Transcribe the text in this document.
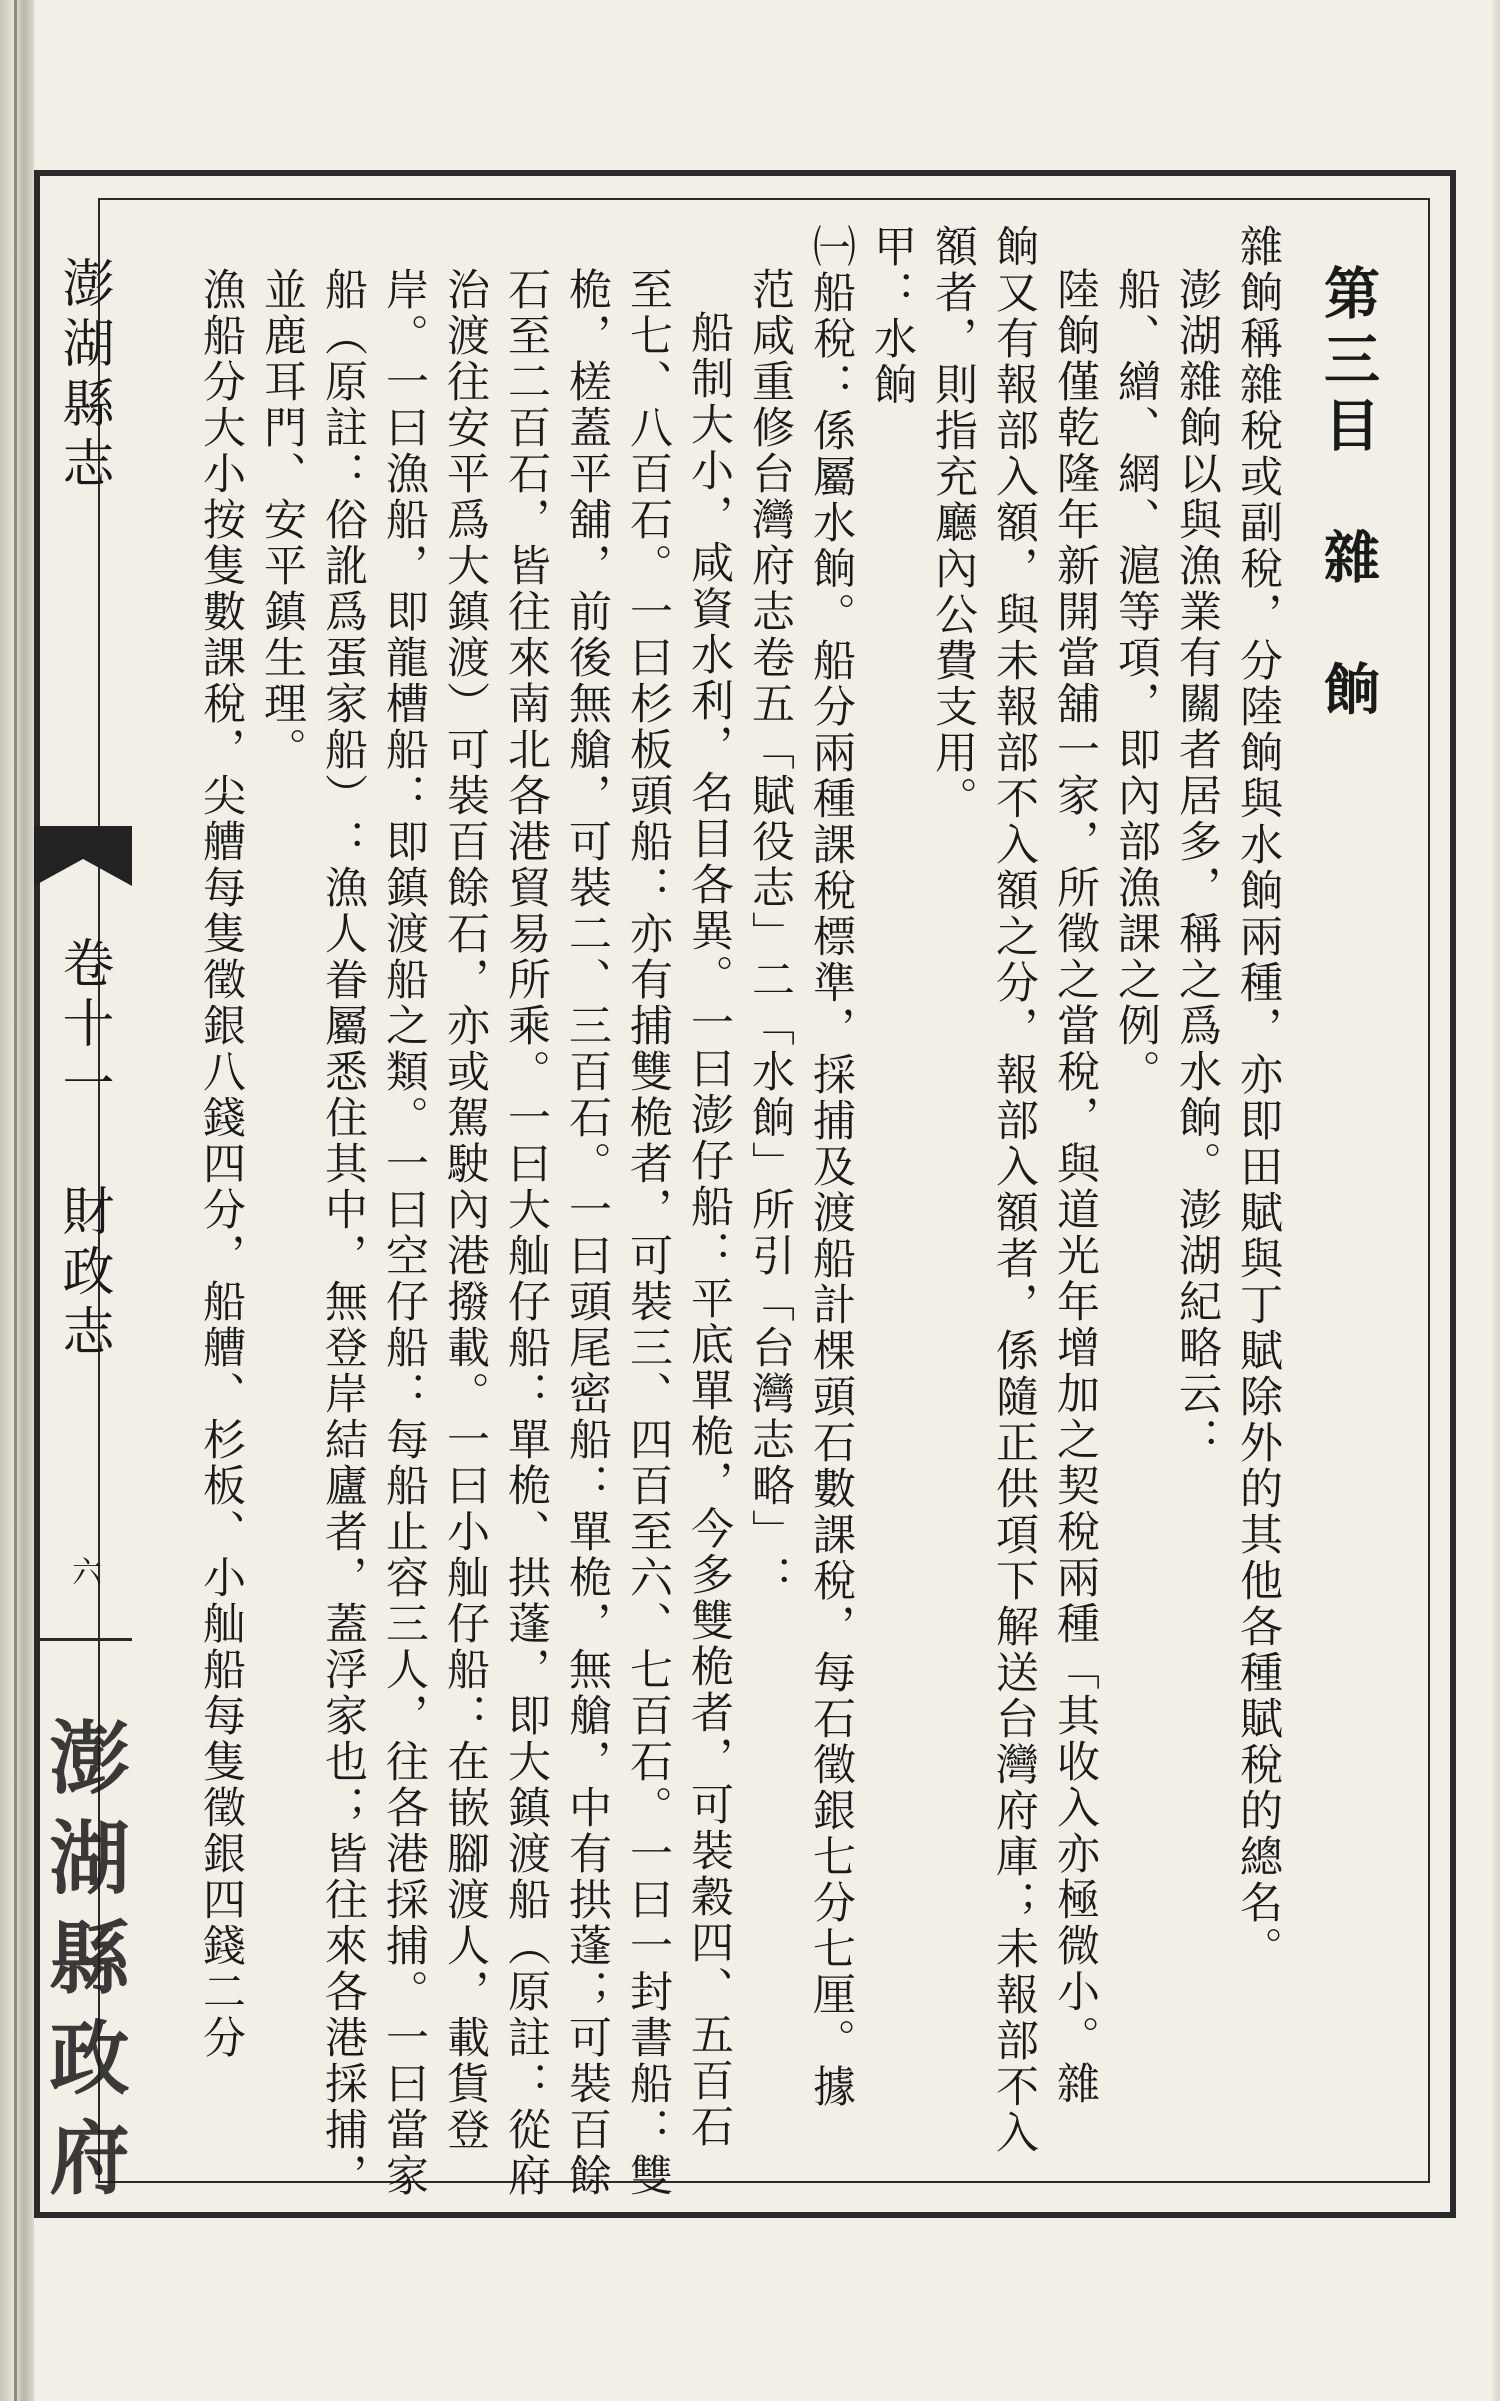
澎湖縣志
卷十一 財政志
六
澎湖縣政府
第三目　雜　餉
雜餉稱雜稅或副稅，分陸餉與水餉兩種，亦即田賦與丁賦除外的其他各種賦稅的總名。
澎湖雜餉以與漁業有關者居多，稱之爲水餉。澎湖紀略云：
船、繒、網、滬等項，即內部漁課之例。
陸餉僅乾隆年新開當舖一家，所徵之當稅，與道光年增加之契稅兩種「其收入亦極微小。雜
餉又有報部入額，與未報部不入額之分，報部入額者，係隨正供項下解送台灣府庫；未報部不入
額者，則指充廳內公費支用。
甲：水餉
㈠船稅：係屬水餉。船分兩種課稅標準，採捕及渡船計棵頭石數課稅，每石徵銀七分七厘。據
范咸重修台灣府志卷五「賦役志」二「水餉」所引「台灣志略」：
船制大小，咸資水利，名目各異。一曰澎仔船：平底單桅，今多雙桅者，可裝穀四、五百石
至七、八百石。一曰杉板頭船：亦有捕雙桅者，可裝三、四百至六、七百石。一曰一封書船：雙
桅，槎蓋平舖，前後無艙，可裝二、三百石。一曰頭尾密船：單桅，無艙，中有拱蓬；可裝百餘
石至二百石，皆往來南北各港貿易所乘。一曰大舢仔船：單桅、拱蓬，即大鎮渡船（原註：從府
治渡往安平爲大鎮渡）可裝百餘石，亦或駕駛內港撥載。一曰小舢仔船：在嵌腳渡人，載貨登
岸。一曰漁船，即龍槽船：即鎮渡船之類。一曰空仔船：每船止容三人，往各港採捕。一曰當家
船（原註：俗訛爲蛋家船）：漁人眷屬悉住其中，無登岸結廬者，蓋浮家也；皆往來各港採捕，
並鹿耳門、安平鎮生理。
漁船分大小按隻數課稅，尖艚每隻徵銀八錢四分，船艚、杉板、小舢船每隻徵銀四錢二分
